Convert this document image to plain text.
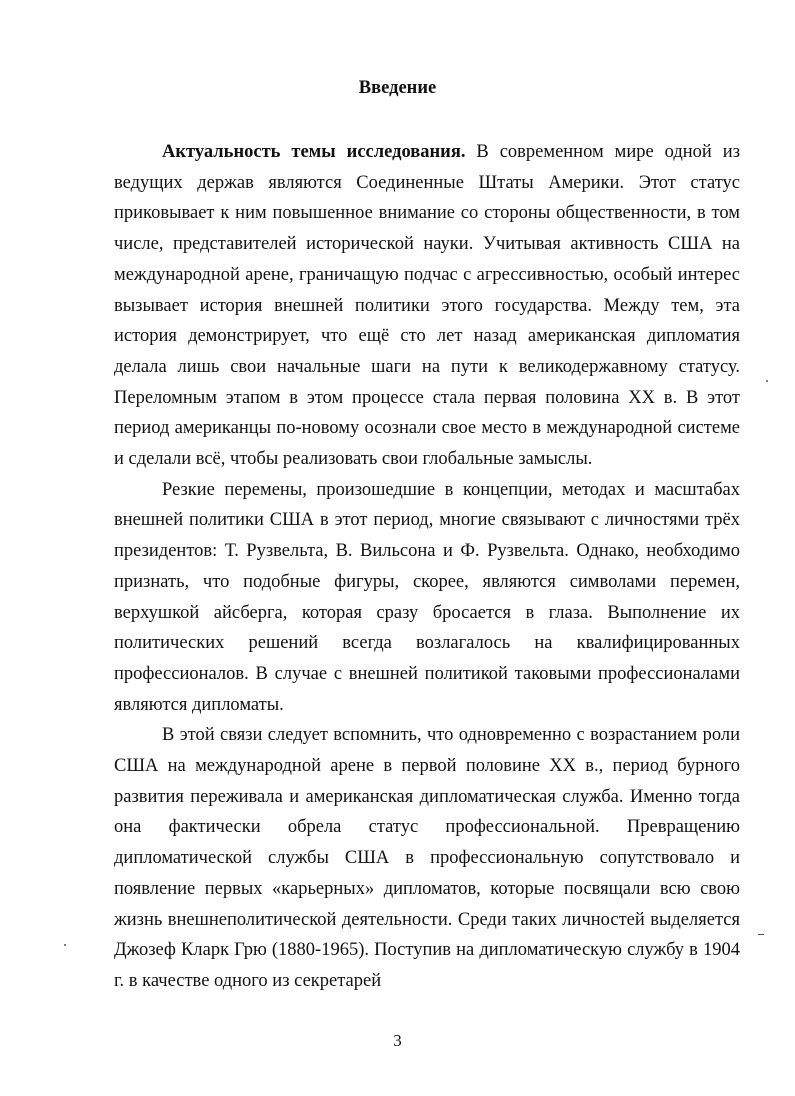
Введение

Актуальность темы исследования. В современном мире одной из ведущих держав являются Соединенные Штаты Америки. Этот статус приковывает к ним повышенное внимание со стороны общественности, в том числе, представителей исторической науки. Учитывая активность США на международной арене, граничащую подчас с агрессивностью, особый интерес вызывает история внешней политики этого государства. Между тем, эта история демонстрирует, что ещё сто лет назад американская дипломатия делала лишь свои начальные шаги на пути к великодержавному статусу. Переломным этапом в этом процессе стала первая половина XX в. В этот период американцы по-новому осознали свое место в международной системе и сделали всё, чтобы реализовать свои глобальные замыслы.

Резкие перемены, произошедшие в концепции, методах и масштабах внешней политики США в этот период, многие связывают с личностями трёх президентов: Т. Рузвельта, В. Вильсона и Ф. Рузвельта. Однако, необходимо признать, что подобные фигуры, скорее, являются символами перемен, верхушкой айсберга, которая сразу бросается в глаза. Выполнение их политических решений всегда возлагалось на квалифицированных профессионалов. В случае с внешней политикой таковыми профессионалами являются дипломаты.

В этой связи следует вспомнить, что одновременно с возрастанием роли США на международной арене в первой половине XX в., период бурного развития переживала и американская дипломатическая служба. Именно тогда она фактически обрела статус профессиональной. Превращению дипломатической службы США в профессиональную сопутствовало и появление первых «карьерных» дипломатов, которые посвящали всю свою жизнь внешнеполитической деятельности. Среди таких личностей выделяется Джозеф Кларк Грю (1880-1965). Поступив на дипломатическую службу в 1904 г. в качестве одного из секретарей

3
